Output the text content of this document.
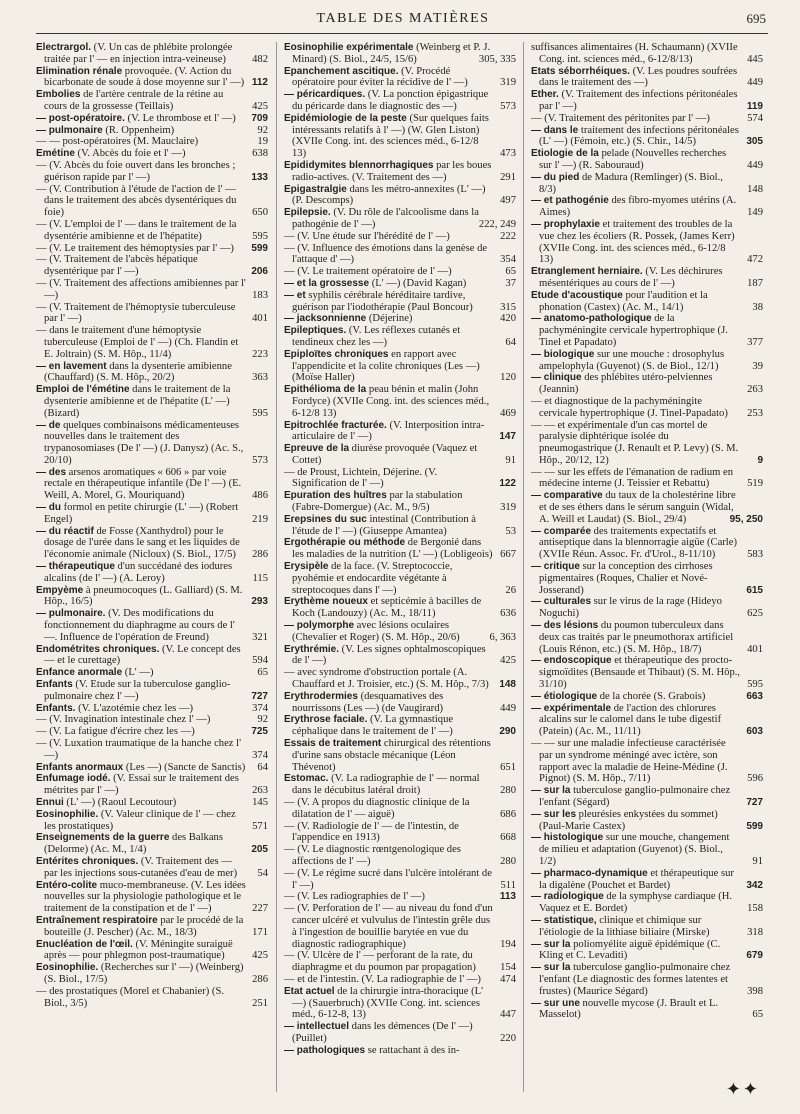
TABLE DES MATIÈRES	695
Electrargol. (V. Un cas de phlébite prolongée traitée par l' — en injection intra-veineuse)	482
Elimination rénale provoquée. (V. Action du bicarbonate de soude à dose moyenne sur l' —) 112
Embolies de l'artère centrale de la rétine au cours de la grossesse (Teillais)	425
— post-opératoire. (V. Le thrombose et l' —)	709
— pulmonaire (R. Oppenheim)	92
— — post-opératoires (M. Mauclaire)	19
Emétine (V. Abcès du foie et l' —)	638
— (V. Abcès du foie ouvert dans les bronches ; guérison rapide par l' —)	133
— (V. Contribution à l'étude de l'action de l' — dans le traitement des abcès dysentériques du foie)	650
— (V. L'emploi de l' — dans le traitement de la dysentérie amibienne et de l'hépatite)	595
— (V. Le traitement des hémoptysies par l' —)	599
— (V. Traitement de l'abcès hépatique dysentérique par l' —)	206
— (V. Traitement des affections amibiennes par l' —)	183
— (V. Traitement de l'hémoptysie tuberculeuse par l' —)	401
— dans le traitement d'une hémoptysie tuberculeuse (Emploi de l' —) (Ch. Flandin et E. Joltrain) (S. M. Hôp., 11/4)	223
— en lavement dans la dysenterie amibienne (Chauffard) (S. M. Hôp., 20/2)	363
Emploi de l'émétine dans le traitement de la dysenterie amibienne et de l'hépatite (L' —) (Bizard)	595
— de quelques combinaisons médicamenteuses nouvelles dans le traitement des trypanosomiases (De l' —) (J. Danysz) (Ac. S., 20/10)	573
— des arsenos aromatiques « 606 » par voie rectale en thérapeutique infantile (De l' —) (E. Weill, A. Morel, G. Mouriquand)	486
— du formol en petite chirurgie (L' —) (Robert Engel)	219
— du réactif de Fosse (Xanthydrol) pour le dosage de l'urée dans le sang et les liquides de l'économie animale (Nicloux) (S. Biol., 17/5)	286
— thérapeutique d'un succédané des iodures alcalins (de l' —) (A. Leroy)	115
Empyème à pneumocoques (L. Galliard) (S. M. Hôp., 16/5)	293
— pulmonaire. (V. Des modifications du fonctionnement du diaphragme au cours de l' —. Influence de l'opération de Freund)	321
Endométrites chroniques. (V. Le concept des — et le curettage)	594
Enfance anormale (L' —)	65
Enfants (V. Etude sur la tuberculose ganglio-pulmonaire chez l' —)	727
Enfants. (V. L'azotémie chez les —)	374
— (V. Invagination intestinale chez l' —)	92
— (V. La fatigue d'écrire chez les —)	725
— (V. Luxation traumatique de la hanche chez l' —)	374
Enfants anormaux (Les —) (Sancte de Sanctis)	64
Enfumage iodé. (V. Essai sur le traitement des métrites par l' —)	263
Ennui (L' —) (Raoul Lecoutour)	145
Eosinophilie. (V. Valeur clinique de l' — chez les prostatiques)	571
Enseignements de la guerre des Balkans (Delorme) (Ac. M., 1/4)	205
Entérites chroniques. (V. Traitement des — par les injections sous-cutanées d'eau de mer)	54
Entéro-colite muco-membraneuse. (V. Les idées nouvelles sur la physiologie pathologique et le traitement de la constipation et de l' —)	227
Entraînement respiratoire par le procédé de la bouteille (J. Pescher) (Ac. M., 18/3)	171
Enucléation de l'œil. (V. Méningite suraiguë après — pour phlegmon post-traumatique)	425
Eosinophilie. (Recherches sur l' —) (Weinberg) (S. Biol., 17/5)	286
— des prostatiques (Morel et Chabanier) (S. Biol., 3/5)	251
Eosinophilie expérimentale (Weinberg et P. J. Minard) (S. Biol., 24/5, 15/6)	305, 335
Epanchement ascitique. (V. Procédé opératoire pour éviter la récidive de l' —)	319
— péricardiques. (V. La ponction épigastrique du péricarde dans le diagnostic des —)	573
Epidémiologie de la peste (Sur quelques faits intéressants relatifs à l' —) (W. Glen Liston) (XVIIe Cong. int. des sciences méd., 6-12/8 13)	473
Epididymites blennorrhagiques par les boues radio-actives. (V. Traitement des —)	291
Epigastralgie dans les métro-annexites (L' —) (P. Descomps)	497
Epilepsie. (V. Du rôle de l'alcoolisme dans la pathogénie de l' —)	222, 249
— (V. Une étude sur l'hérédité de l' —)	222
— (V. Influence des émotions dans la genèse de l'attaque d' —)	354
— (V. Le traitement opératoire de l' —)	65
— et la grossesse (L' —) (David Kagan)	37
— et syphilis cérébrale héréditaire tardive, guérison par l'iodothérapie (Paul Boncour)	315
— jacksonnienne (Déjerine)	420
Epileptiques. (V. Les réflexes cutanés et tendineux chez les —)	64
Epiploïtes chroniques en rapport avec l'appendicite et la colite chroniques (Les —) (Moïse Haller)	120
Epithélioma de la peau bénin et malin (John Fordyce) (XVIIe Cong. int. des sciences méd., 6-12/8 13)	469
Epitrochlée fracturée. (V. Interposition intra-articulaire de l' —)	147
Epreuve de la diurèse provoquée (Vaquez et Cottet)	91
— de Proust, Lichtein, Déjerine. (V. Signification de l' —)	122
Epuration des huîtres par la stabulation (Fabre-Domergue) (Ac. M., 9/5)	319
Erepsines du suc intestinal (Contribution à l'étude de l' —) (Giuseppe Amantea)	53
Ergothérapie ou méthode de Bergonié dans les maladies de la nutrition (L' —) (Lobligeois) 667
Erysipèle de la face. (V. Streptococcie, pyohémie et endocardite végétante à streptocoques dans l' —)	26
Erythème noueux et septicémie à bacilles de Koch (Landouzy) (Ac. M., 18/11)	636
— polymorphe avec lésions oculaires (Chevalier et Roger) (S. M. Hôp., 20/6)	6, 363
Erythrémie. (V. Les signes ophtalmoscopiques de l' —)	425
— avec syndrome d'obstruction portale (A. Chauffard et J. Troisier, etc.) (S. M. Hôp., 7/3)	148
Erythrodermies (desquamatives des nourrissons (Les —) (de Vaugirard)	449
Erythrose faciale. (V. La gymnastique céphalique dans le traitement de l' —)	290
Essais de traitement chirurgical des rétentions d'urine sans obstacle mécanique (Léon Thévenot)	651
Estomac. (V. La radiographie de l' — normal dans le décubitus latéral droit)	280
— (V. A propos du diagnostic clinique de la dilatation de l' — aiguë)	686
— (V. Radiologie de l' — de l'intestin, de l'appendice en 1913)	668
— (V. Le diagnostic rœntgenologique des affections de l' —)	280
— (V. Le régime sucré dans l'ulcère intolérant de l' —)	511
— (V. Les radiographies de l' —)	113
— (V. Perforation de l' — au niveau du fond d'un cancer ulcéré et vulvulus de l'intestin grêle dus à l'ingestion de bouillie barytée en vue du diagnostic radiographique)	194
— (V. Ulcère de l' — perforant de la rate, du diaphragme et du poumon par propagation)	154
— et de l'intestin. (V. La radiographie de l' —)	474
Etat actuel de la chirurgie intra-thoracique (L' —) (Sauerbruch) (XVIIe Cong. int. sciences méd., 6-12-8, 13)	447
— intellectuel dans les démences (De l' —) (Puillet)	220
— pathologiques se rattachant à des in-
suffisances alimentaires (H. Schaumann) (XVIIe Cong. int. sciences méd., 6-12/8/13)	445
Etats séborrhéiques. (V. Les poudres soufrées dans le traitement des —)	449
Ether. (V. Traitement des infections péritonéales par l' —)	119
— (V. Traitement des péritonites par l' —)	574
— dans le traitement des infections péritonéales (L' —) (Fémoin, etc.) (S. Chir., 14/5)	305
Etiologie de la pelade (Nouvelles recherches sur l' —) (R. Sabouraud)	449
— du pied de Madura (Remlinger) (S. Biol., 8/3)	148
— et pathogénie des fibro-myomes utérins (A. Aimes)	149
— prophylaxie et traitement des troubles de la vue chez les écoliers (R. Possek, (James Kerr) (XVIIe Cong. int. des sciences méd., 6-12/8 13)	472
Etranglement herniaire. (V. Les déchirures mésentériques au cours de l' —)	187
Etude d'acoustique pour l'audition et la phonation (Castex) (Ac. M., 14/1)	38
— anatomo-pathologique de la pachyméningite cervicale hypertrophique (J. Tinel et Papadato)	377
— biologique sur une mouche : drosophylus ampelophyla (Guyenot) (S. de Biol., 12/1)	39
— clinique des phlébites utéro-pelviennes (Jeannin)	263
— et diagnostique de la pachyméningite cervicale hypertrophique (J. Tinel-Papadato)	253
— — et expérimentale d'un cas mortel de paralysie diphtérique isolée du pneumogastrique (J. Renault et P. Levy) (S. M. Hôp., 20/12, 12)	9
— — sur les effets de l'émanation de radium en médecine interne (J. Teissier et Rebattu)	519
— comparative du taux de la cholestérine libre et de ses éthers dans le sérum sanguin (Widal, A. Weill et Laudat) (S. Biol., 29/4)	95, 250
— comparée des traitements expectatifs et antiseptique dans la blennorragie aigüe (Carle) (XVIIe Réun. Assoc. Fr. d'Urol., 8-11/10)	583
— critique sur la conception des cirrhoses pigmentaires (Roques, Chalier et Nové-Josserand)	615
— culturales sur le virus de la rage (Hideyo Noguchi)	625
— des lésions du poumon tuberculeux dans deux cas traités par le pneumothorax artificiel (Louis Rénon, etc.) (S. M. Hôp., 18/7)	401
— endoscopique et thérapeutique des procto-sigmoïdites (Bensaude et Thibaut) (S. M. Hôp., 31/10)	595
— étiologique de la chorée (S. Grabois)	663
— expérimentale de l'action des chlorures alcalins sur le calomel dans le tube digestif (Patein) (Ac. M., 11/11)	603
— — sur une maladie infectieuse caractérisée par un syndrome méningé avec ictère, son rapport avec la maladie de Heine-Médine (J. Pignot) (S. M. Hôp., 7/11)	596
— sur la tuberculose ganglio-pulmonaire chez l'enfant (Ségard)	727
— sur les pleurésies enkystées du sommet) (Paul-Marie Castex)	599
— histologique sur une mouche, changement de milieu et adaptation (Guyenot) (S. Biol., 1/2)	91
— pharmaco-dynamique et thérapeutique sur la digalène (Pouchet et Bardet)	342
— radiologique de la symphyse cardiaque (H. Vaquez et E. Bordet)	158
— statistique, clinique et chimique sur l'étiologie de la lithiase biliaire (Mirske)	318
— sur la poliomyélite aiguë épidémique (C. Kling et C. Levaditi)	679
— sur la tuberculose ganglio-pulmonaire chez l'enfant (Le diagnostic des formes latentes et frustes) (Maurice Ségard)	398
— sur une nouvelle mycose (J. Brault et L. Masselot)	65
✦✦
